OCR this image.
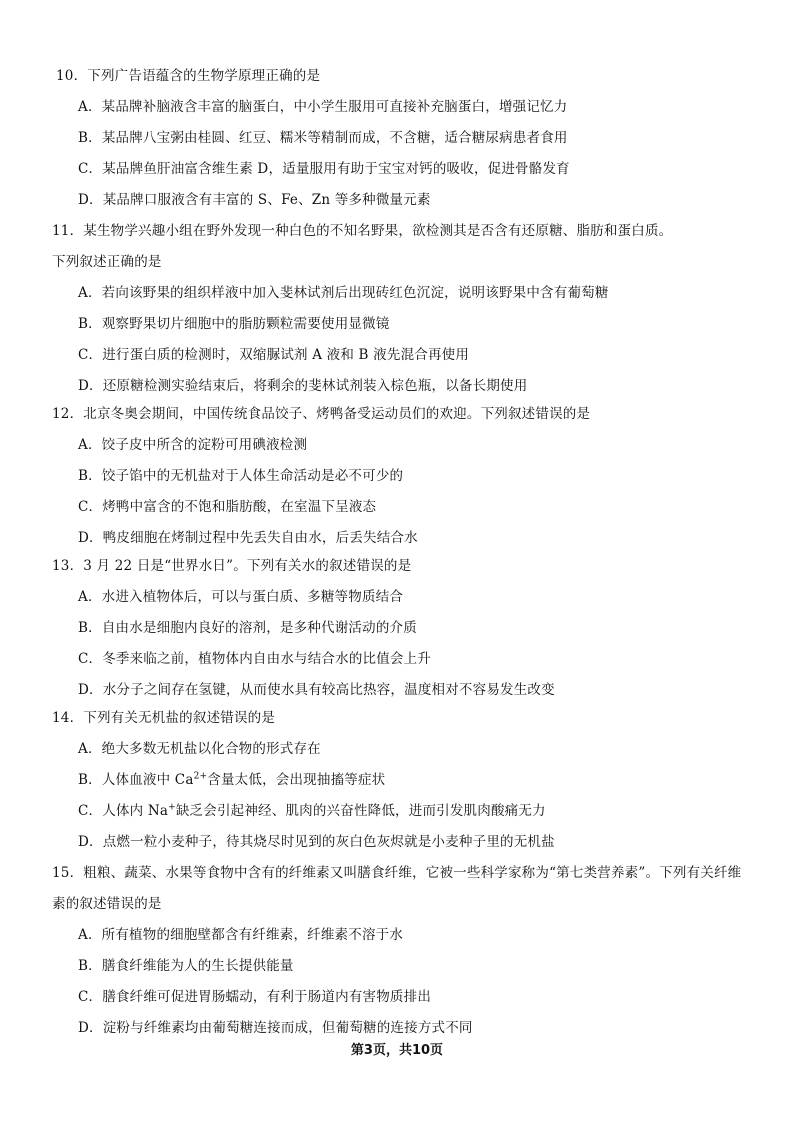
10．下列广告语蕴含的生物学原理正确的是
A．某品牌补脑液含丰富的脑蛋白，中小学生服用可直接补充脑蛋白，增强记忆力
B．某品牌八宝粥由桂圆、红豆、糯米等精制而成，不含糖，适合糖尿病患者食用
C．某品牌鱼肝油富含维生素 D，适量服用有助于宝宝对钙的吸收，促进骨骼发育
D．某品牌口服液含有丰富的 S、Fe、Zn 等多种微量元素
11．某生物学兴趣小组在野外发现一种白色的不知名野果，欲检测其是否含有还原糖、脂肪和蛋白质。
下列叙述正确的是
A．若向该野果的组织样液中加入斐林试剂后出现砖红色沉淀，说明该野果中含有葡萄糖
B．观察野果切片细胞中的脂肪颗粒需要使用显微镜
C．进行蛋白质的检测时，双缩脲试剂 A 液和 B 液先混合再使用
D．还原糖检测实验结束后，将剩余的斐林试剂装入棕色瓶，以备长期使用
12．北京冬奥会期间，中国传统食品饺子、烤鸭备受运动员们的欢迎。下列叙述错误的是
A．饺子皮中所含的淀粉可用碘液检测
B．饺子馅中的无机盐对于人体生命活动是必不可少的
C．烤鸭中富含的不饱和脂肪酸，在室温下呈液态
D．鸭皮细胞在烤制过程中先丢失自由水，后丢失结合水
13．3 月 22 日是“世界水日”。下列有关水的叙述错误的是
A．水进入植物体后，可以与蛋白质、多糖等物质结合
B．自由水是细胞内良好的溶剂，是多种代谢活动的介质
C．冬季来临之前，植物体内自由水与结合水的比值会上升
D．水分子之间存在氢键，从而使水具有较高比热容，温度相对不容易发生改变
14．下列有关无机盐的叙述错误的是
A．绝大多数无机盐以化合物的形式存在
B．人体血液中 $Ca^{2+}$含量太低，会出现抽搐等症状
C．人体内 Na+缺乏会引起神经、肌肉的兴奋性降低，进而引发肌肉酸痛无力
D．点燃一粒小麦种子，待其烧尽时见到的灰白色灰烬就是小麦种子里的无机盐
15．粗粮、蔬菜、水果等食物中含有的纤维素又叫膳食纤维，它被一些科学家称为“第七类营养素”。下列有关纤维
素的叙述错误的是
A．所有植物的细胞壁都含有纤维素，纤维素不溶于水
B．膳食纤维能为人的生长提供能量
C．膳食纤维可促进胃肠蠕动，有利于肠道内有害物质排出
D．淀粉与纤维素均由葡萄糖连接而成，但葡萄糖的连接方式不同
第3页，共10页
